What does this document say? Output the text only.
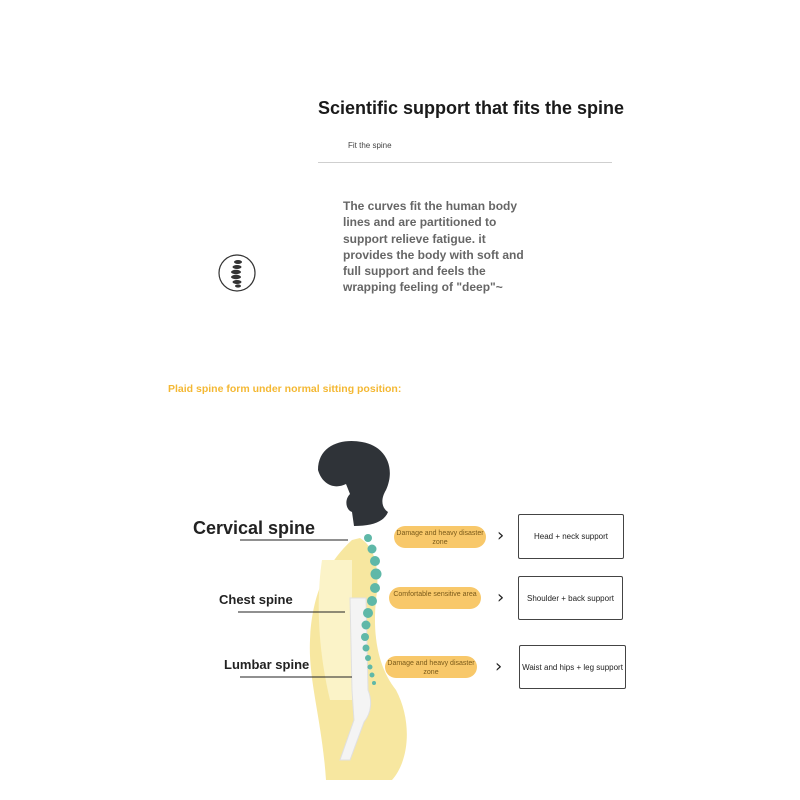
Scientific support that fits the spine
Fit the spine
The curves fit the human body lines and are partitioned to support relieve fatigue. it provides the body with soft and full support and feels the wrapping feeling of "deep"~
Plaid spine form under normal sitting position:
Cervical spine
Chest spine
Lumbar spine
Damage and heavy disaster zone
Comfortable sensitive area
Damage and heavy disaster zone
›
›
›
Head + neck support
Shoulder + back support
Waist and hips + leg support
